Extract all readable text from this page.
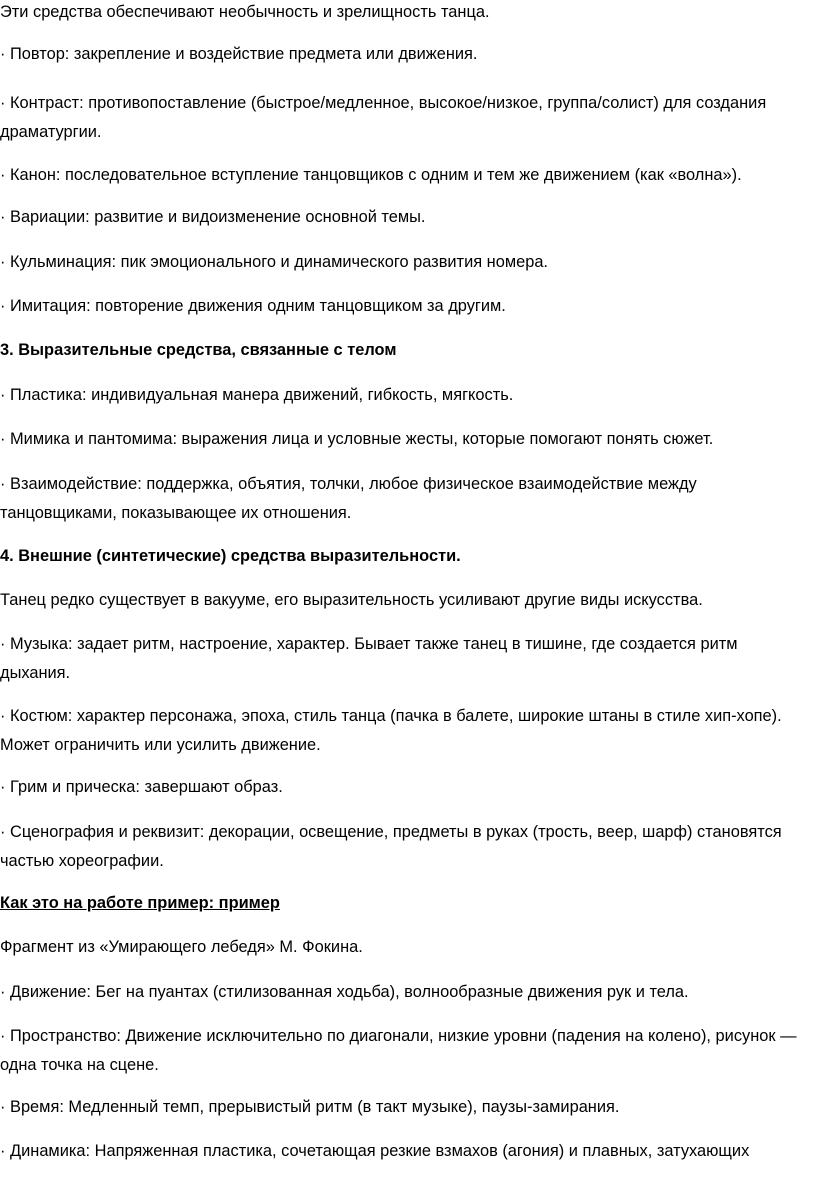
Эти средства обеспечивают необычность и зрелищность танца.

· Повтор: закрепление и воздействие предмета или движения.

· Контраст: противопоставление (быстрое/медленное, высокое/низкое, группа/солист) для создания драматургии.

· Канон: последовательное вступление танцовщиков с одним и тем же движением (как «волна»).

· Вариации: развитие и видоизменение основной темы.

· Кульминация: пик эмоционального и динамического развития номера.

· Имитация: повторение движения одним танцовщиком за другим.

3. Выразительные средства, связанные с телом

· Пластика: индивидуальная манера движений, гибкость, мягкость.

· Мимика и пантомима: выражения лица и условные жесты, которые помогают понять сюжет.

· Взаимодействие: поддержка, объятия, толчки, любое физическое взаимодействие между танцовщиками, показывающее их отношения.

4. Внешние (синтетические) средства выразительности.

Танец редко существует в вакууме, его выразительность усиливают другие виды искусства.

· Музыка: задает ритм, настроение, характер. Бывает также танец в тишине, где создается ритм дыхания.

· Костюм: характер персонажа, эпоха, стиль танца (пачка в балете, широкие штаны в стиле хип-хопе). Может ограничить или усилить движение.

· Грим и прическа: завершают образ.

· Сценография и реквизит: декорации, освещение, предметы в руках (трость, веер, шарф) становятся частью хореографии.

Как это на работе пример: пример

Фрагмент из «Умирающего лебедя» М. Фокина.

· Движение: Бег на пуантах (стилизованная ходьба), волнообразные движения рук и тела.

· Пространство: Движение исключительно по диагонали, низкие уровни (падения на колено), рисунок — одна точка на сцене.

· Время: Медленный темп, прерывистый ритм (в такт музыке), паузы-замирания.

· Динамика: Напряженная пластика, сочетающая резкие взмахов (агония) и плавных, затухающих
